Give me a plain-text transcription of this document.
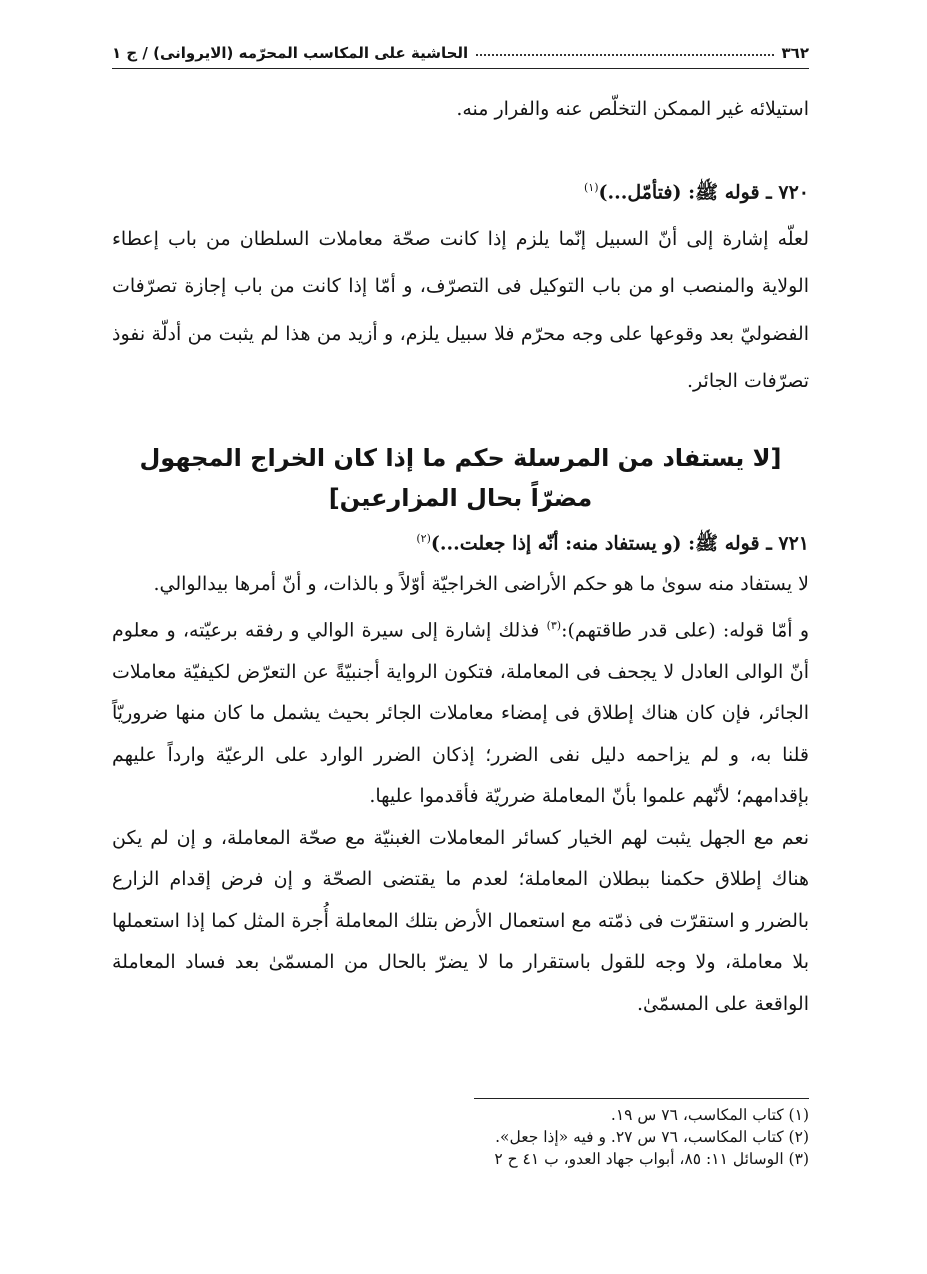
٣٦٢
الحاشية على المكاسب المحرّمه (الايروانى) / ج ١

استيلائه غير الممكن التخلّص عنه والفرار منه.

٧٢٠ ـ قوله ﷺ: (فتأمّل...)$^{(١)}$

لعلّه إشارة إلى أنّ السبيل إنّما يلزم إذا كانت صحّة معاملات السلطان من باب إعطاء الولاية والمنصب او من باب التوكيل فى التصرّف، و أمّا إذا كانت من باب إجازة تصرّفات الفضوليّ بعد وقوعها على وجه محرّم فلا سبيل يلزم، و أزيد من هذا لم يثبت من أدلّة نفوذ تصرّفات الجائر.

[لا يستفاد من المرسلة حكم ما إذا كان الخراج المجهول
مضرّاً بحال المزارعين]

٧٢١ ـ قوله ﷺ: (و يستفاد منه: أنّه إذا جعلت...)$^{(٢)}$

لا يستفاد منه سوىٰ ما هو حكم الأراضى الخراجيّة أوّلاً و بالذات، و أنّ أمرها بيدالوالي.

و أمّا قوله: (على قدر طاقتهم):$^{(٣)}$ فذلك إشارة إلى سيرة الوالي و رفقه برعيّته، و معلوم أنّ الوالى العادل لا يجحف فى المعاملة، فتكون الرواية أجنبيّةً عن التعرّض لكيفيّة معاملات الجائر، فإن كان هناك إطلاق فى إمضاء معاملات الجائر بحيث يشمل ما كان منها ضروريّاً قلنا به، و لم يزاحمه دليل نفى الضرر؛ إذكان الضرر الوارد على الرعيّة وارداً عليهم بإقدامهم؛ لأنّهم علموا بأنّ المعاملة ضرريّة فأقدموا عليها.

نعم مع الجهل يثبت لهم الخيار كسائر المعاملات الغبنيّة مع صحّة المعاملة، و إن لم يكن هناك إطلاق حكمنا ببطلان المعاملة؛ لعدم ما يقتضى الصحّة و إن فرض إقدام الزارع بالضرر و استقرّت فى ذمّته مع استعمال الأرض بتلك المعاملة أُجرة المثل كما إذا استعملها بلا معاملة، ولا وجه للقول باستقرار ما لا يضرّ بالحال من المسمّىٰ بعد فساد المعاملة الواقعة على المسمّىٰ.

(١) كتاب المكاسب، ٧٦ س ١٩.
(٢) كتاب المكاسب، ٧٦ س ٢٧. و فيه «إذا جعل».
(٣) الوسائل ١١: ٨٥، أبواب جهاد العدو، ب ٤١ ح ٢
